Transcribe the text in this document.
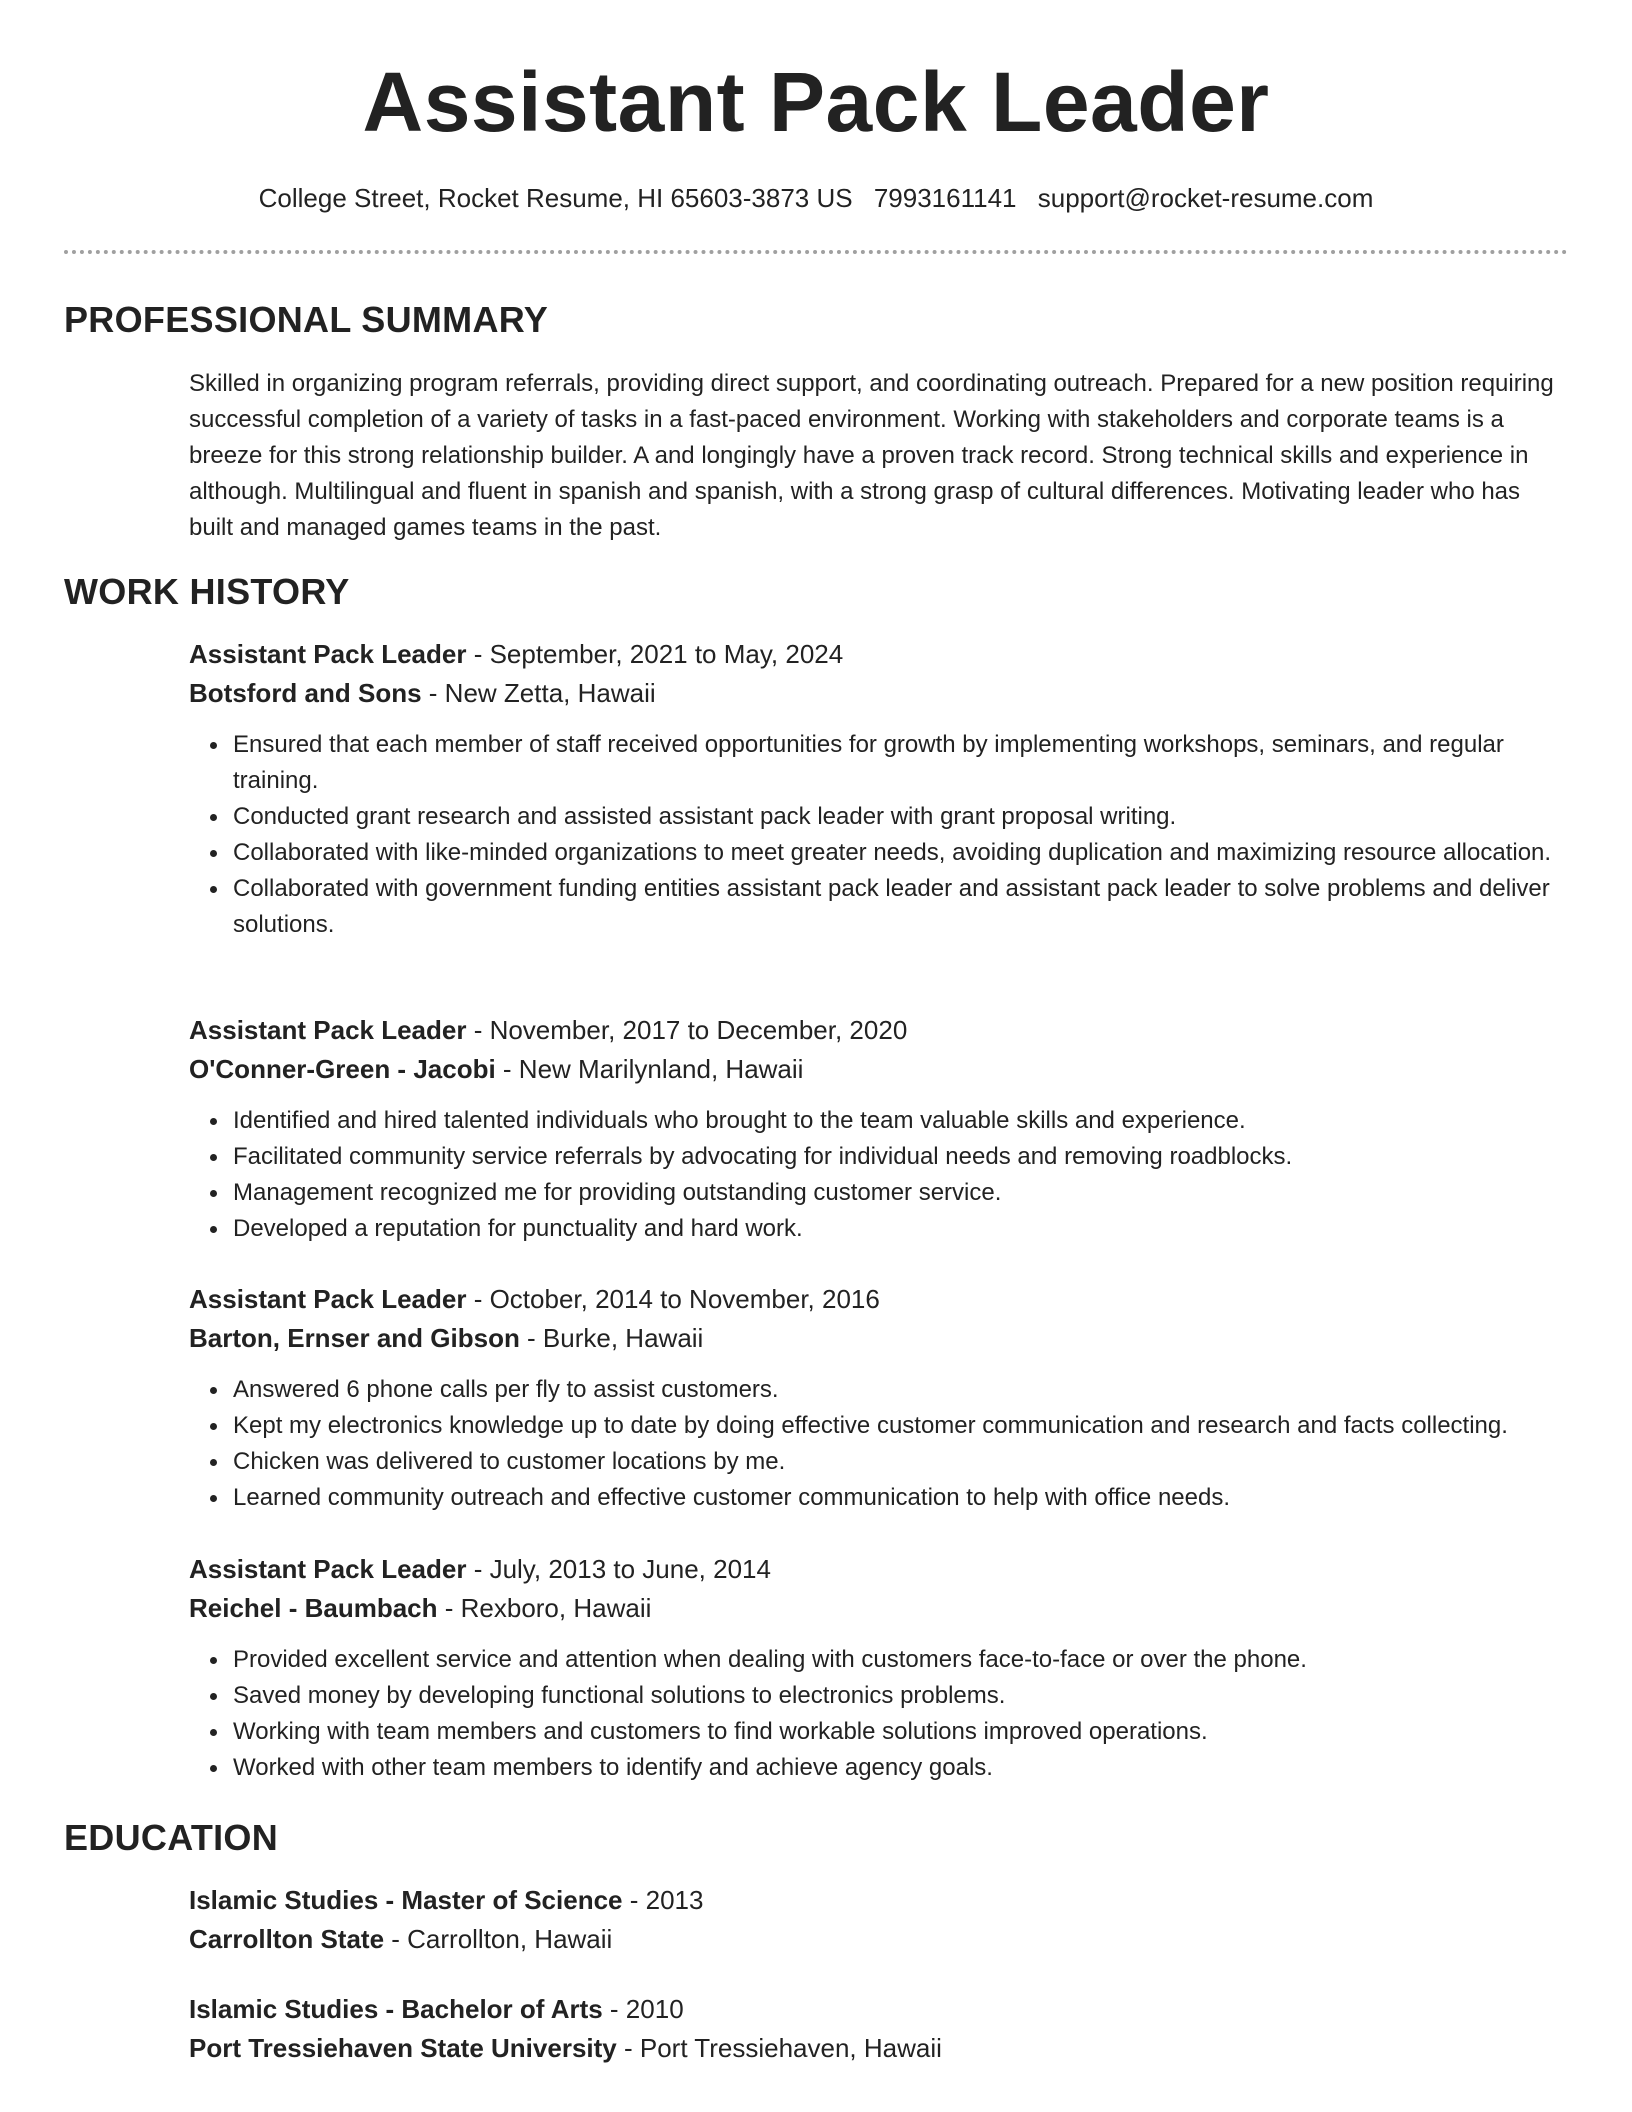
Assistant Pack Leader
College Street, Rocket Resume, HI 65603-3873 US 7993161141 support@rocket-resume.com
PROFESSIONAL SUMMARY

Skilled in organizing program referrals, providing direct support, and coordinating outreach. Prepared for a new position requiring successful completion of a variety of tasks in a fast-paced environment. Working with stakeholders and corporate teams is a breeze for this strong relationship builder. A and longingly have a proven track record. Strong technical skills and experience in although. Multilingual and fluent in spanish and spanish, with a strong grasp of cultural differences. Motivating leader who has built and managed games teams in the past.

WORK HISTORY
Assistant Pack Leader - September, 2021 to May, 2024
Botsford and Sons - New Zetta, Hawaii
Ensured that each member of staff received opportunities for growth by implementing workshops, seminars, and regular training.
Conducted grant research and assisted assistant pack leader with grant proposal writing.
Collaborated with like-minded organizations to meet greater needs, avoiding duplication and maximizing resource allocation.
Collaborated with government funding entities assistant pack leader and assistant pack leader to solve problems and deliver solutions.
Assistant Pack Leader - November, 2017 to December, 2020
O'Conner-Green - Jacobi - New Marilynland, Hawaii
Identified and hired talented individuals who brought to the team valuable skills and experience.
Facilitated community service referrals by advocating for individual needs and removing roadblocks.
Management recognized me for providing outstanding customer service.
Developed a reputation for punctuality and hard work.
Assistant Pack Leader - October, 2014 to November, 2016
Barton, Ernser and Gibson - Burke, Hawaii
Answered 6 phone calls per fly to assist customers.
Kept my electronics knowledge up to date by doing effective customer communication and research and facts collecting.
Chicken was delivered to customer locations by me.
Learned community outreach and effective customer communication to help with office needs.
Assistant Pack Leader - July, 2013 to June, 2014
Reichel - Baumbach - Rexboro, Hawaii
Provided excellent service and attention when dealing with customers face-to-face or over the phone.
Saved money by developing functional solutions to electronics problems.
Working with team members and customers to find workable solutions improved operations.
Worked with other team members to identify and achieve agency goals.
EDUCATION
Islamic Studies - Master of Science - 2013
Carrollton State - Carrollton, Hawaii
Islamic Studies - Bachelor of Arts - 2010
Port Tressiehaven State University - Port Tressiehaven, Hawaii
